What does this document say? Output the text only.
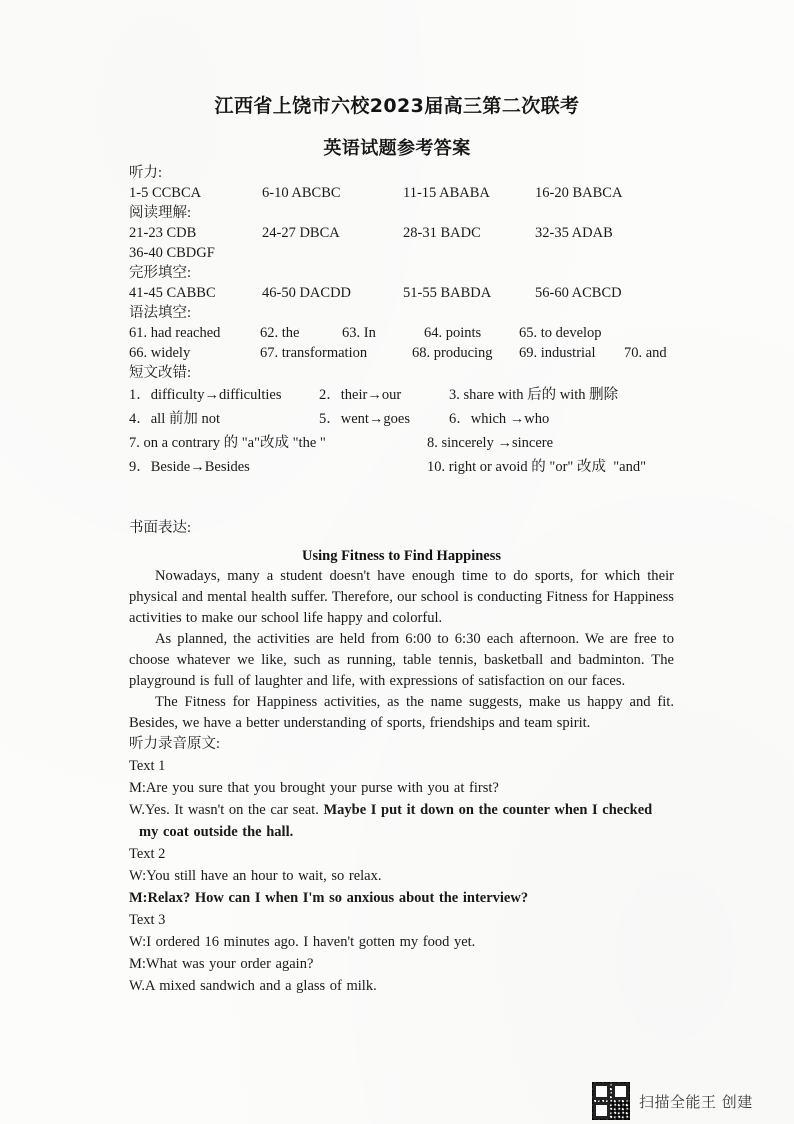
江西省上饶市六校2023届高三第二次联考
英语试题参考答案
听力:
1-5 CCBCA	6-10 ABCBC	11-15 ABABA	16-20 BABCA
阅读理解:
21-23 CDB	24-27 DBCA	28-31 BADC	32-35 ADAB
36-40 CBDGF
完形填空:
41-45 CABBC	46-50 DACDD	51-55 BABDA	56-60 ACBCD
语法填空:
61. had reached	62. the	63. In	64. points	65. to develop
66. widely	67. transformation	68. producing 69. industrial 70. and
短文改错:
1．difficulty→difficulties	2．their→our	3. share with 后的 with 删除
4．all 前加 not	5．went→goes	6．which →who
7. on a contrary 的 "a"改成 "the "	8. sincerely →sincere
9．Beside→Besides	10. right or avoid 的 "or" 改成  "and"
书面表达:
Using Fitness to Find Happiness

Nowadays, many a student doesn't have enough time to do sports, for which their physical and mental health suffer. Therefore, our school is conducting Fitness for Happiness activities to make our school life happy and colorful.

As planned, the activities are held from 6:00 to 6:30 each afternoon. We are free to choose whatever we like, such as running, table tennis, basketball and badminton. The playground is full of laughter and life, with expressions of satisfaction on our faces.

The Fitness for Happiness activities, as the name suggests, make us happy and fit. Besides, we have a better understanding of sports, friendships and team spirit.

听力录音原文:
Text 1

M:Are you sure that you brought your purse with you at first?

W.Yes. It wasn't on the car seat. Maybe I put it down on the counter when I checked

my coat outside the hall.

Text 2

W:You still have an hour to wait, so relax.

M:Relax? How can I when I'm so anxious about the interview?

Text 3

W:I ordered 16 minutes ago. I haven't gotten my food yet.

M:What was your order again?

W.A mixed sandwich and a glass of milk.

扫描全能王 创建
